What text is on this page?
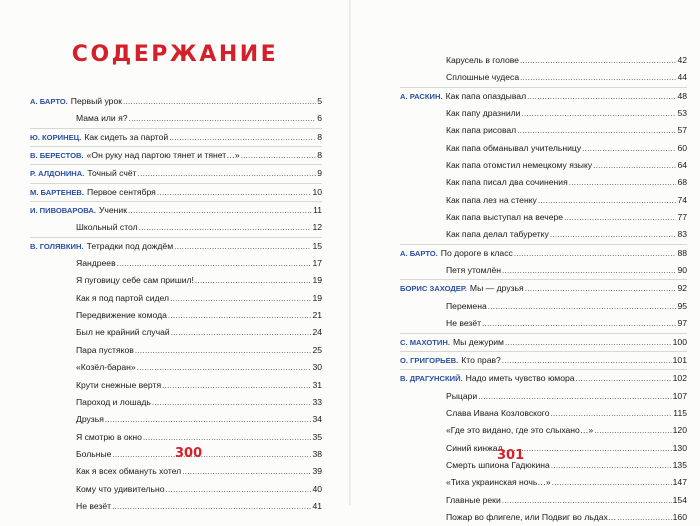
СОДЕРЖАНИЕ
А. БАРТО. Первый урок .....	5
Мама или я? .....	6
Ю. КОРИНЕЦ. Как сидеть за партой .....	8
В. БЕРЕСТОВ. «Он руку над партою тянет и тянет…» .....	8
Р. АЛДОНИНА. Точный счёт .....	9
М. БАРТЕНЕВ. Первое сентября .....	10
И. ПИВОВАРОВА. Ученик .....	11
Школьный стол .....	12
В. ГОЛЯВКИН. Тетрадки под дождём .....	15
Яандреев .....	17
Я пуговицу себе сам пришил! .....	19
Как я под партой сидел .....	19
Передвижение комода .....	21
Был не крайний случай .....	24
Пара пустяков .....	25
«Козёл-баран» .....	30
Крути снежные вертя .....	31
Пароход и лошадь .....	33
Друзья .....	34
Я смотрю в окно .....	35
Больные .....	38
Как я всех обмануть хотел .....	39
Кому что удивительно .....	40
Не везёт .....	41
300
Карусель в голове .....	42
Сплошные чудеса .....	44
А. РАСКИН. Как папа опаздывал .....	48
Как папу дразнили .....	53
Как папа рисовал .....	57
Как папа обманывал учительницу .....	60
Как папа отомстил немецкому языку .....	64
Как папа писал два сочинения .....	68
Как папа лез на стенку .....	74
Как папа выступал на вечере .....	77
Как папа делал табуретку .....	83
А. БАРТО. По дороге в класс .....	88
Петя утомлён .....	90
БОРИС ЗАХОДЕР. Мы — друзья .....	92
Перемена .....	95
Не везёт .....	97
С. МАХОТИН. Мы дежурим .....	100
О. ГРИГОРЬЕВ. Кто прав? .....	101
В. ДРАГУНСКИЙ. Надо иметь чувство юмора .....	102
Рыцари .....	107
Слава Ивана Козловского .....	115
«Где это видано, где это слыхано…» .....	120
Синий кинжал .....	130
Смерть шпиона Гадюкина .....	135
«Тиха украинская ночь…» .....	147
Главные реки .....	154
Пожар во флигеле, или Подвиг во льдах… .....	160
301
